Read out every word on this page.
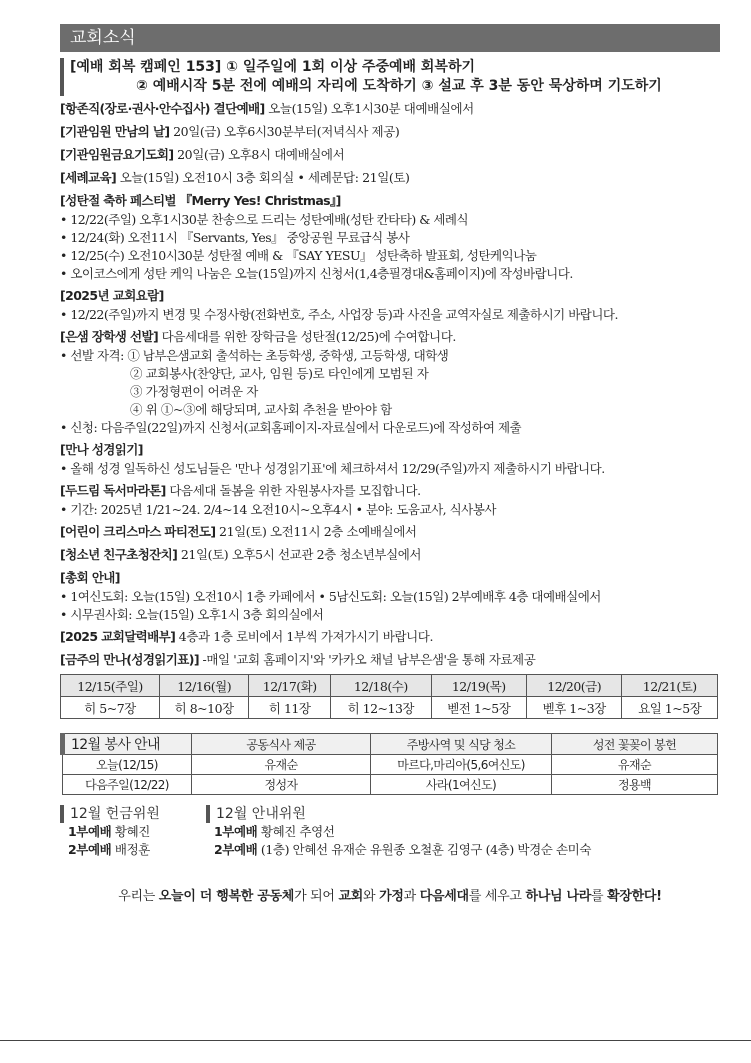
교회소식
[예배 회복 캠페인 153] ① 일주일에 1회 이상 주중예배 회복하기
② 예배시작 5분 전에 예배의 자리에 도착하기 ③ 설교 후 3분 동안 묵상하며 기도하기
[항존직(장로·권사·안수집사) 결단예배] 오늘(15일) 오후1시30분 대예배실에서
[기관임원 만남의 날] 20일(금) 오후6시30분부터(저녁식사 제공)
[기관임원금요기도회] 20일(금) 오후8시 대예배실에서
[세례교육] 오늘(15일) 오전10시 3층 회의실 • 세례문답: 21일(토)
[성탄절 축하 페스티벌 『Merry Yes! Christmas』]
• 12/22(주일) 오후1시30분 찬송으로 드리는 성탄예배(성탄 칸타타) & 세례식
• 12/24(화) 오전11시 『Servants, Yes』 중앙공원 무료급식 봉사
• 12/25(수) 오전10시30분 성탄절 예배 & 『SAY YESU』 성탄축하 발표회, 성탄케익나눔
• 오이코스에게 성탄 케익 나눔은 오늘(15일)까지 신청서(1,4층필경대&홈페이지)에 작성바랍니다.
[2025년 교회요람]
• 12/22(주일)까지 변경 및 수정사항(전화번호, 주소, 사업장 등)과 사진을 교역자실로 제출하시기 바랍니다.
[은샘 장학생 선발] 다음세대를 위한 장학금을 성탄절(12/25)에 수여합니다.
• 선발 자격: ① 남부은샘교회 출석하는 초등학생, 중학생, 고등학생, 대학생
② 교회봉사(찬양단, 교사, 임원 등)로 타인에게 모범된 자
③ 가정형편이 어려운 자
④ 위 ①~③에 해당되며, 교사회 추천을 받아야 함
• 신청: 다음주일(22일)까지 신청서(교회홈페이지-자료실에서 다운로드)에 작성하여 제출
[만나 성경읽기]
• 올해 성경 일독하신 성도님들은 '만나 성경읽기표'에 체크하셔서 12/29(주일)까지 제출하시기 바랍니다.
[두드림 독서마라톤] 다음세대 돌봄을 위한 자원봉사자를 모집합니다.
• 기간: 2025년 1/21~24. 2/4~14 오전10시~오후4시 • 분야: 도움교사, 식사봉사
[어린이 크리스마스 파티전도] 21일(토) 오전11시 2층 소예배실에서
[청소년 친구초청잔치] 21일(토) 오후5시 선교관 2층 청소년부실에서
[총회 안내]
• 1여신도회: 오늘(15일) 오전10시 1층 카페에서 • 5남신도회: 오늘(15일) 2부예배후 4층 대예배실에서
• 시무권사회: 오늘(15일) 오후1시 3층 회의실에서
[2025 교회달력배부] 4층과 1층 로비에서 1부씩 가져가시기 바랍니다.
[금주의 만나(성경읽기표)] -매일 '교회 홈페이지'와 '카카오 채널 남부은샘'을 통해 자료제공
12/15(주일)	12/16(월)	12/17(화)	12/18(수)	12/19(목)	12/20(금)	12/21(토)
히 5~7장	히 8~10장	히 11장	히 12~13장	벧전 1~5장	벧후 1~3장	요일 1~5장
12월 봉사 안내	공동식사 제공	주방사역 및 식당 청소	성전 꽃꽂이 봉헌
오늘(12/15)	유재순	마르다,마리아(5,6여신도)	유재순
다음주일(12/22)	정성자	사라(1여신도)	정용백
12월 헌금위원
1부예배 황혜진
2부예배 배정훈
12월 안내위원
1부예배 황혜진 추영선
2부예배 (1층) 안혜선 유재순 유원종 오철훈 김영구 (4층) 박경순 손미숙
우리는 오늘이 더 행복한 공동체가 되어 교회와 가정과 다음세대를 세우고 하나님 나라를 확장한다!
